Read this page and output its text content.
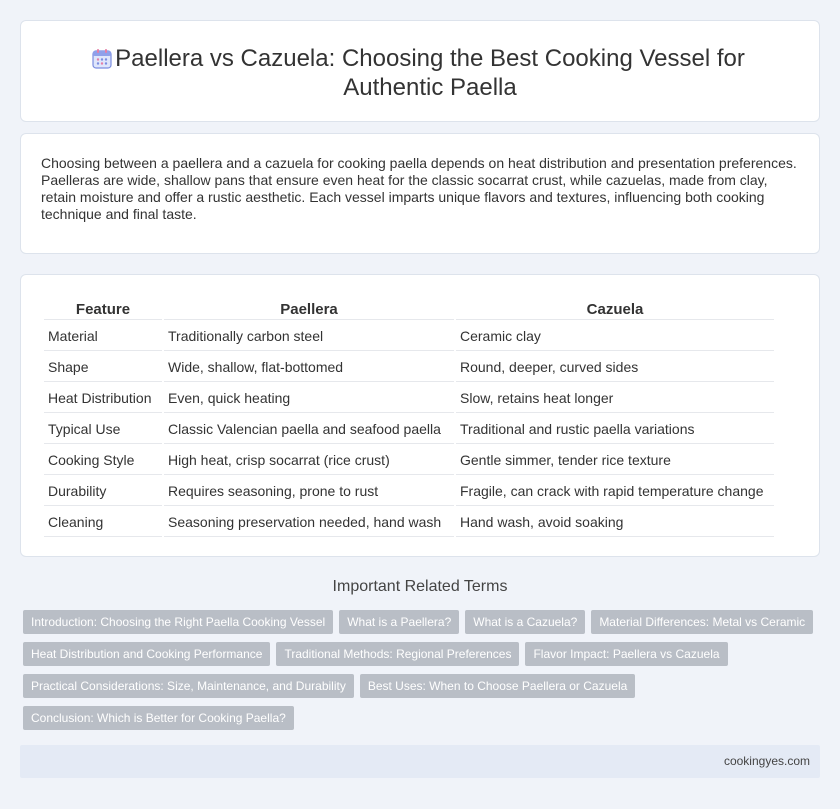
Paellera vs Cazuela: Choosing the Best Cooking Vessel for Authentic Paella

Choosing between a paellera and a cazuela for cooking paella depends on heat distribution and presentation preferences. Paelleras are wide, shallow pans that ensure even heat for the classic socarrat crust, while cazuelas, made from clay, retain moisture and offer a rustic aesthetic. Each vessel imparts unique flavors and textures, influencing both cooking technique and final taste.

Feature	Paellera	Cazuela
Material	Traditionally carbon steel	Ceramic clay
Shape	Wide, shallow, flat-bottomed	Round, deeper, curved sides
Heat Distribution	Even, quick heating	Slow, retains heat longer
Typical Use	Classic Valencian paella and seafood paella	Traditional and rustic paella variations
Cooking Style	High heat, crisp socarrat (rice crust)	Gentle simmer, tender rice texture
Durability	Requires seasoning, prone to rust	Fragile, can crack with rapid temperature change
Cleaning	Seasoning preservation needed, hand wash	Hand wash, avoid soaking
Important Related Terms
Introduction: Choosing the Right Paella Cooking Vessel What is a Paellera? What is a Cazuela? Material Differences: Metal vs Ceramic
Heat Distribution and Cooking Performance Traditional Methods: Regional Preferences Flavor Impact: Paellera vs Cazuela
Practical Considerations: Size, Maintenance, and Durability Best Uses: When to Choose Paellera or Cazuela
Conclusion: Which is Better for Cooking Paella?
cookingyes.com
